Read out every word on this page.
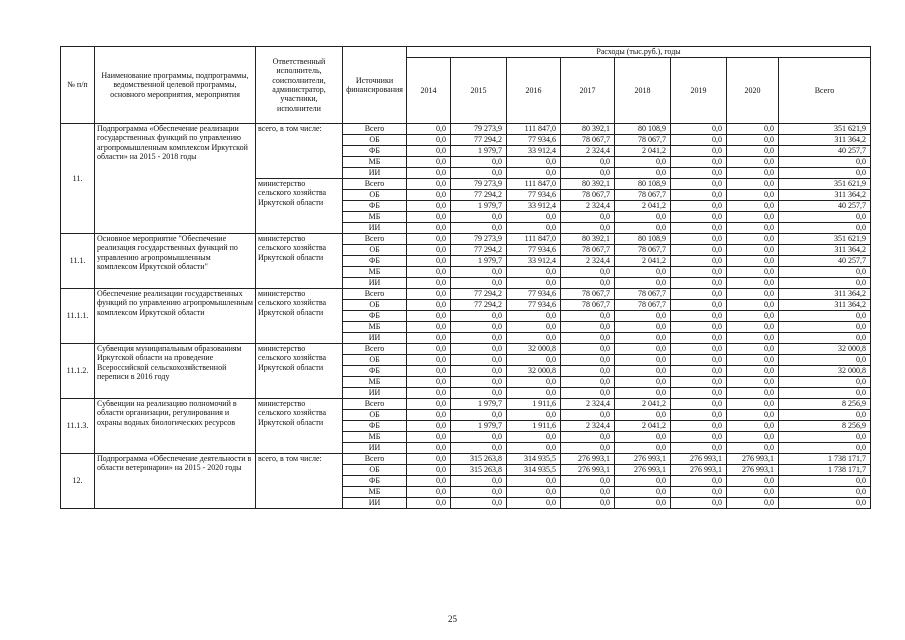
№ п/п	Наименование программы, подпрограммы, ведомственной целевой программы, основного мероприятия, мероприятия	Ответственный исполнитель, соисполнители, администратор, участники, исполнители	Источники финансирования	Расходы (тыс.руб.), годы							
				2014	2015	2016	2017	2018	2019	2020	Всего
11.	Подпрограмма «Обеспечение реализации государственных функций по управлению агропромышленным комплексом Иркутской области» на 2015 - 2018 годы	всего, в том числе:	Всего	0,0	79 273,9	111 847,0	80 392,1	80 108,9	0,0	0,0	351 621,9
			ОБ	0,0	77 294,2	77 934,6	78 067,7	78 067,7	0,0	0,0	311 364,2
			ФБ	0,0	1 979,7	33 912,4	2 324,4	2 041,2	0,0	0,0	40 257,7
			МБ	0,0	0,0	0,0	0,0	0,0	0,0	0,0	0,0
			ИИ	0,0	0,0	0,0	0,0	0,0	0,0	0,0	0,0
		министерство сельского хозяйства Иркутской области	Всего	0,0	79 273,9	111 847,0	80 392,1	80 108,9	0,0	0,0	351 621,9
			ОБ	0,0	77 294,2	77 934,6	78 067,7	78 067,7	0,0	0,0	311 364,2
			ФБ	0,0	1 979,7	33 912,4	2 324,4	2 041,2	0,0	0,0	40 257,7
			МБ	0,0	0,0	0,0	0,0	0,0	0,0	0,0	0,0
			ИИ	0,0	0,0	0,0	0,0	0,0	0,0	0,0	0,0
11.1.	Основное мероприятие "Обеспечение реализация государственных функций по управлению агропромышленным комплексом Иркутской области"	министерство сельского хозяйства Иркутской области	Всего	0,0	79 273,9	111 847,0	80 392,1	80 108,9	0,0	0,0	351 621,9
			ОБ	0,0	77 294,2	77 934,6	78 067,7	78 067,7	0,0	0,0	311 364,2
			ФБ	0,0	1 979,7	33 912,4	2 324,4	2 041,2	0,0	0,0	40 257,7
			МБ	0,0	0,0	0,0	0,0	0,0	0,0	0,0	0,0
			ИИ	0,0	0,0	0,0	0,0	0,0	0,0	0,0	0,0
11.1.1.	Обеспечение реализации государственных функций по управлению агропромышленным комплексом Иркутской области	министерство сельского хозяйства Иркутской области	Всего	0,0	77 294,2	77 934,6	78 067,7	78 067,7	0,0	0,0	311 364,2
			ОБ	0,0	77 294,2	77 934,6	78 067,7	78 067,7	0,0	0,0	311 364,2
			ФБ	0,0	0,0	0,0	0,0	0,0	0,0	0,0	0,0
			МБ	0,0	0,0	0,0	0,0	0,0	0,0	0,0	0,0
			ИИ	0,0	0,0	0,0	0,0	0,0	0,0	0,0	0,0
11.1.2.	Субвенция муниципальным образованиям Иркутской области на проведение Всероссийской сельскохозяйственной переписи в 2016 году	министерство сельского хозяйства Иркутской области	Всего	0,0	0,0	32 000,8	0,0	0,0	0,0	0,0	32 000,8
			ОБ	0,0	0,0	0,0	0,0	0,0	0,0	0,0	0,0
			ФБ	0,0	0,0	32 000,8	0,0	0,0	0,0	0,0	32 000,8
			МБ	0,0	0,0	0,0	0,0	0,0	0,0	0,0	0,0
			ИИ	0,0	0,0	0,0	0,0	0,0	0,0	0,0	0,0
11.1.3.	Субвенции на реализацию полномочий в области организации, регулирования и охраны водных биологических ресурсов	министерство сельского хозяйства Иркутской области	Всего	0,0	1 979,7	1 911,6	2 324,4	2 041,2	0,0	0,0	8 256,9
			ОБ	0,0	0,0	0,0	0,0	0,0	0,0	0,0	0,0
			ФБ	0,0	1 979,7	1 911,6	2 324,4	2 041,2	0,0	0,0	8 256,9
			МБ	0,0	0,0	0,0	0,0	0,0	0,0	0,0	0,0
			ИИ	0,0	0,0	0,0	0,0	0,0	0,0	0,0	0,0
12.	Подпрограмма «Обеспечение деятельности в области ветеринарии» на 2015 - 2020 годы	всего, в том числе:	Всего	0,0	315 263,8	314 935,5	276 993,1	276 993,1	276 993,1	276 993,1	1 738 171,7
			ОБ	0,0	315 263,8	314 935,5	276 993,1	276 993,1	276 993,1	276 993,1	1 738 171,7
			ФБ	0,0	0,0	0,0	0,0	0,0	0,0	0,0	0,0
			МБ	0,0	0,0	0,0	0,0	0,0	0,0	0,0	0,0
			ИИ	0,0	0,0	0,0	0,0	0,0	0,0	0,0	0,0
25
